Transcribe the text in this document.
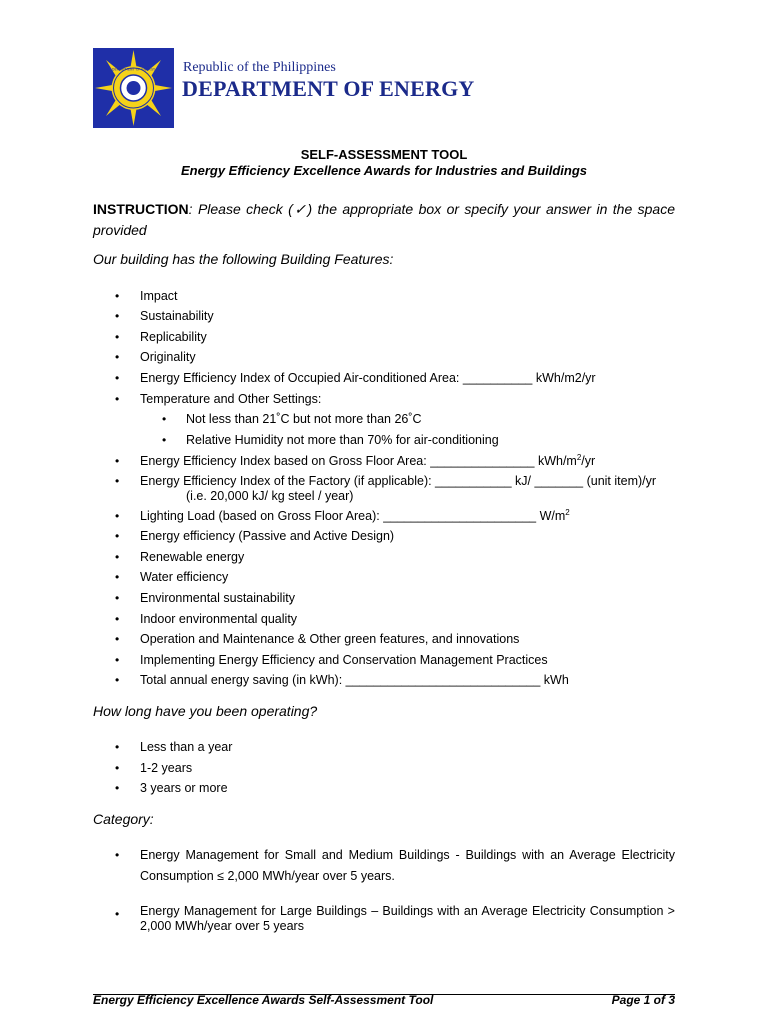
DEPARTMENT OF ENERGY Republic of the Philippines
DEPARTMENT OF ENERGY
SELF-ASSESSMENT TOOL
Energy Efficiency Excellence Awards for Industries and Buildings
INSTRUCTION: Please check (✓) the appropriate box or specify your answer in the space provided
Our building has the following Building Features:
• Impact
• Sustainability
• Replicability
• Originality
• Energy Efficiency Index of Occupied Air-conditioned Area: __________ kWh/m2/yr
• Temperature and Other Settings:
• Not less than 21˚C but not more than 26˚C
• Relative Humidity not more than 70% for air-conditioning
• Energy Efficiency Index based on Gross Floor Area: _______________ kWh/$m^2/yr$
• Energy Efficiency Index of the Factory (if applicable): ___________ kJ/ _______ (unit item)/yr
(i.e. 20,000 kJ/ kg steel / year)
• Lighting Load (based on Gross Floor Area): ______________________ $W/m^2$
• Energy efficiency (Passive and Active Design)
• Renewable energy
• Water efficiency
• Environmental sustainability
• Indoor environmental quality
• Operation and Maintenance & Other green features, and innovations
• Implementing Energy Efficiency and Conservation Management Practices
• Total annual energy saving (in kWh): ____________________________ kWh
How long have you been operating?
• Less than a year
• 1-2 years
• 3 years or more
Category:
• Energy Management for Small and Medium Buildings - Buildings with an Average Electricity Consumption ≤ 2,000 MWh/year over 5 years.
• Energy Management for Large Buildings – Buildings with an Average Electricity Consumption > 2,000 MWh/year over 5 years
Energy Efficiency Excellence Awards Self-Assessment Tool	Page 1 of 3
